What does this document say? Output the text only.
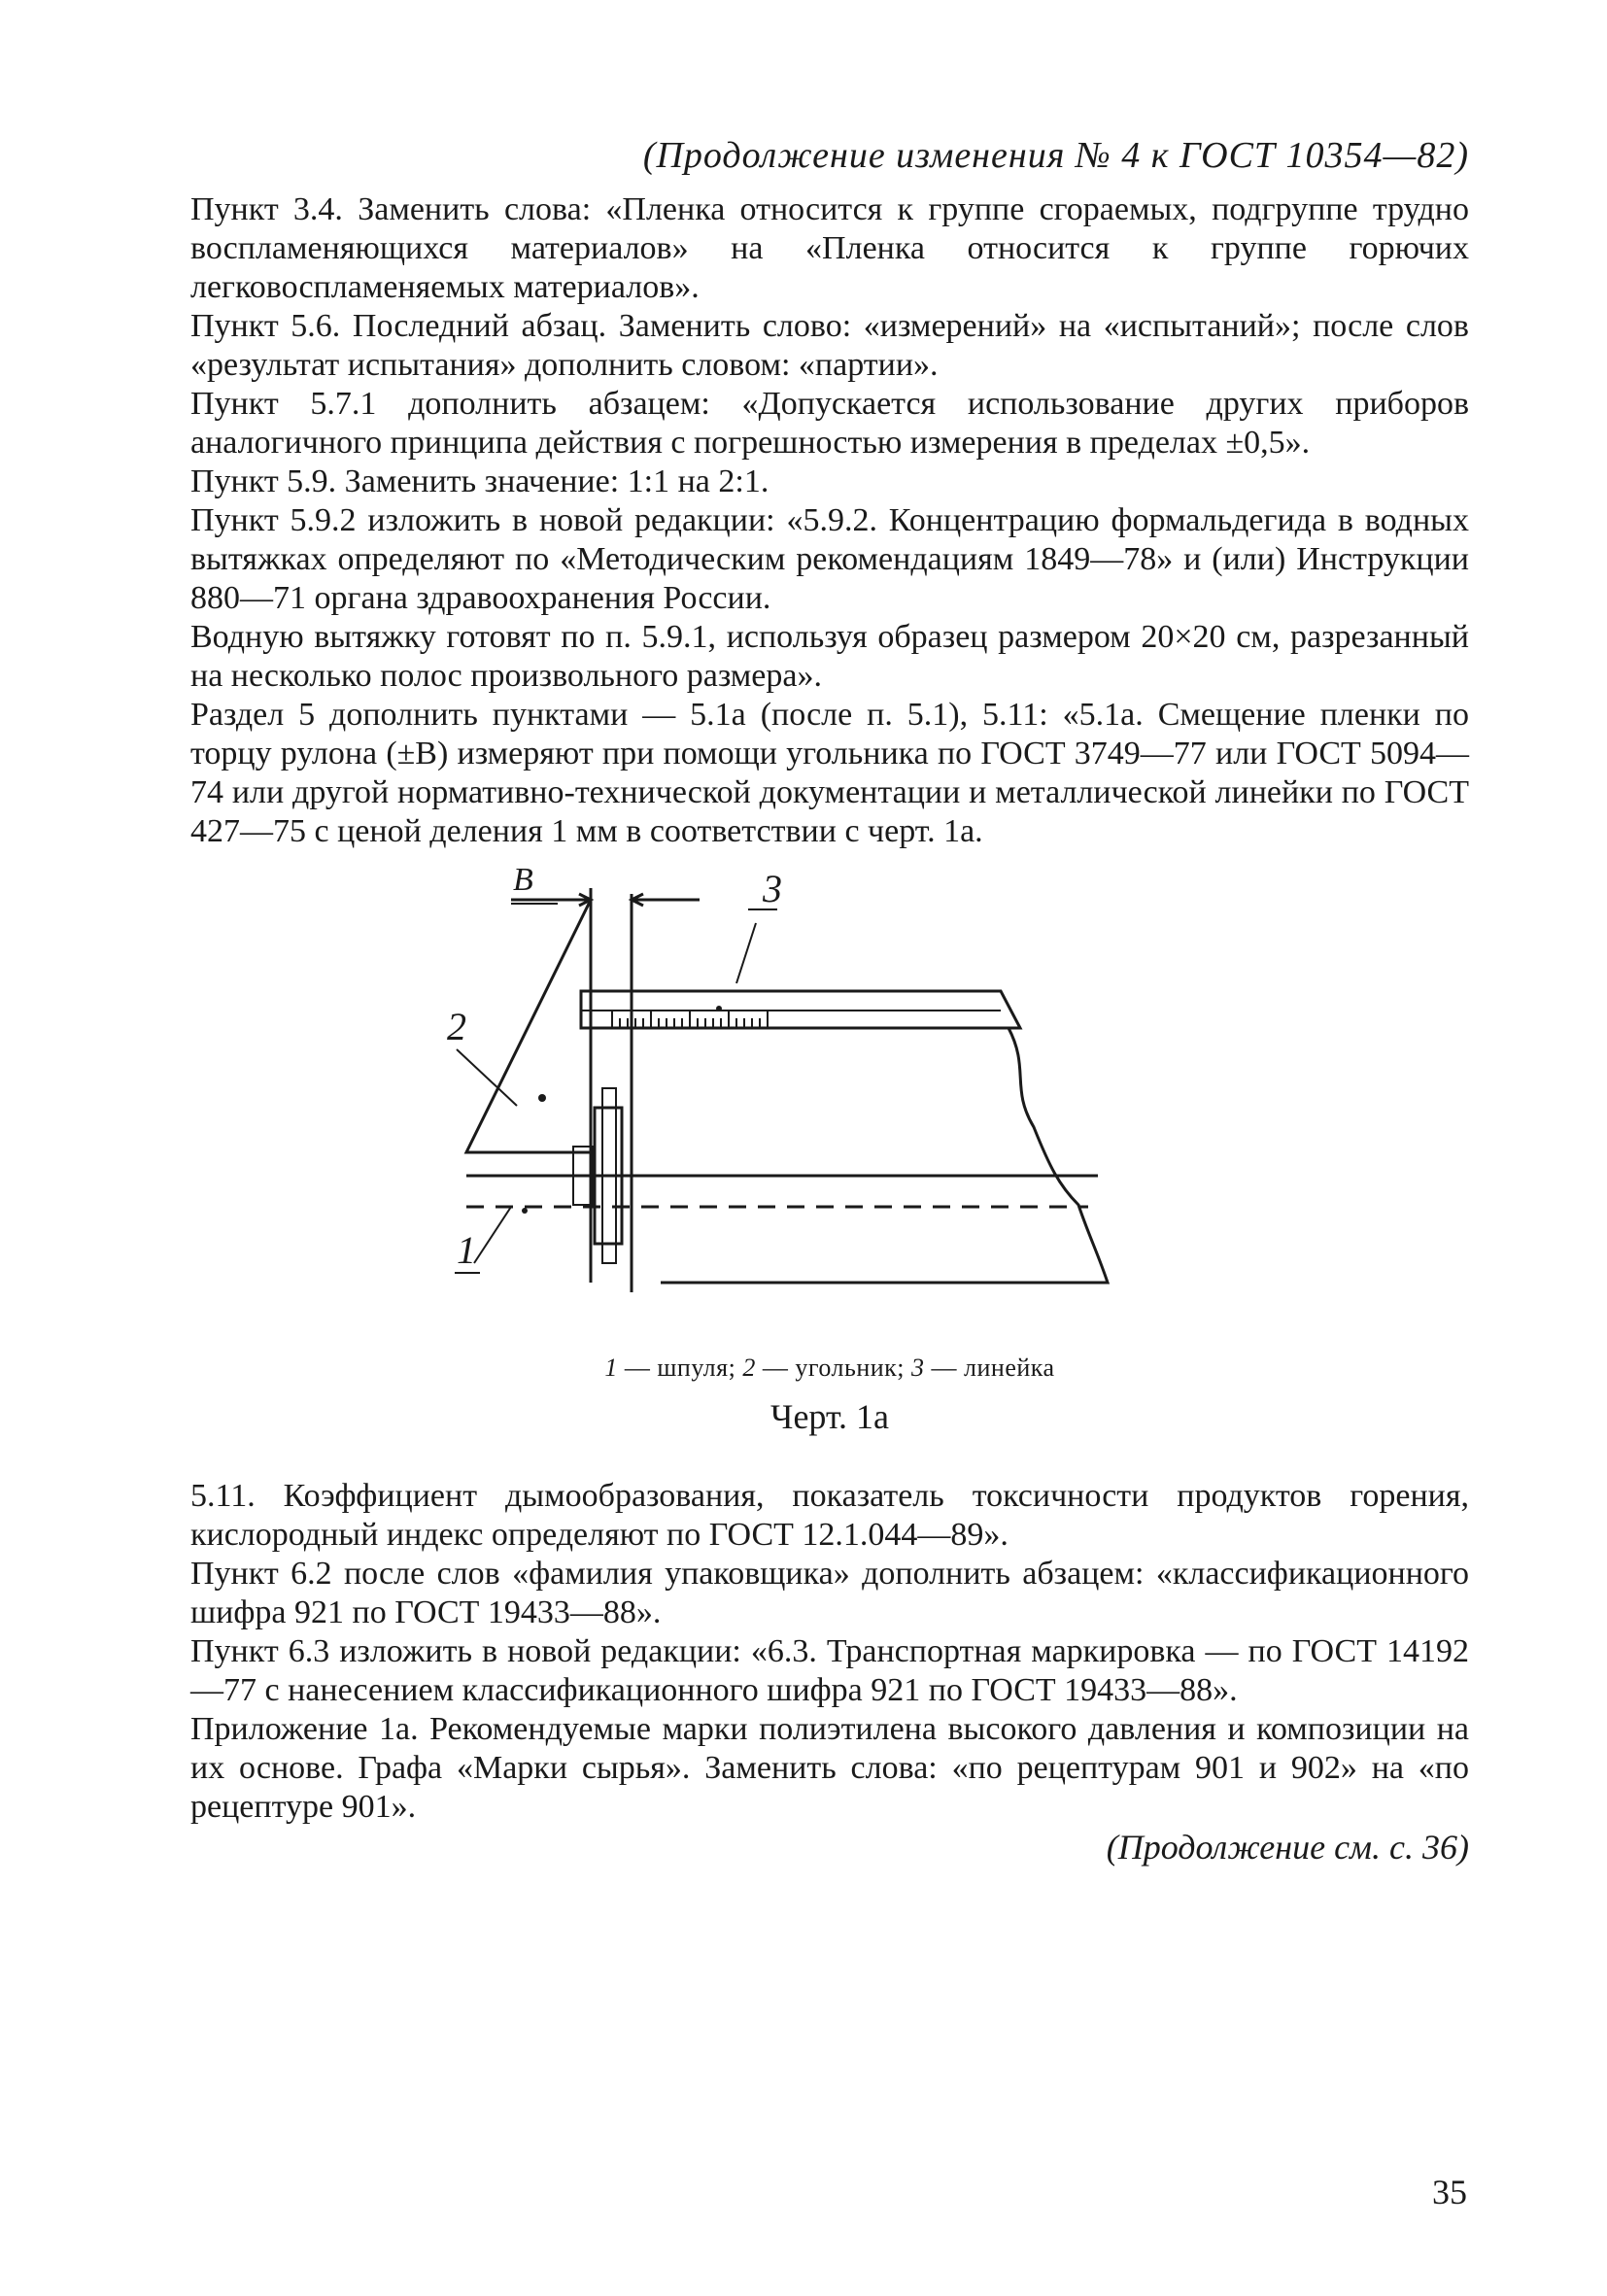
(Продолжение изменения № 4 к ГОСТ 10354—82)

Пункт 3.4. Заменить слова: «Пленка относится к группе сгораемых, подгруппе трудно воспламеняющихся материалов» на «Пленка относится к группе горючих легковоспламеняемых материалов».

Пункт 5.6. Последний абзац. Заменить слово: «измерений» на «испытаний»; после слов «результат испытания» дополнить словом: «партии».

Пункт 5.7.1 дополнить абзацем: «Допускается использование других приборов аналогичного принципа действия с погрешностью измерения в пределах ±0,5».

Пункт 5.9. Заменить значение: 1:1 на 2:1.

Пункт 5.9.2 изложить в новой редакции: «5.9.2. Концентрацию формальдегида в водных вытяжках определяют по «Методическим рекомендациям 1849—78» и (или) Инструкции 880—71 органа здравоохранения России.

Водную вытяжку готовят по п. 5.9.1, используя образец размером 20×20 см, разрезанный на несколько полос произвольного размера».

Раздел 5 дополнить пунктами — 5.1а (после п. 5.1), 5.11: «5.1а. Смещение пленки по торцу рулона (±В) измеряют при помощи угольника по ГОСТ 3749—77 или ГОСТ 5094—74 или другой нормативно-технической документации и металлической линейки по ГОСТ 427—75 с ценой деления 1 мм в соответствии с черт. 1а.

В	3
2
1
1 — шпуля; 2 — угольник; 3 — линейка
Черт. 1а

5.11. Коэффициент дымообразования, показатель токсичности продуктов горения, кислородный индекс определяют по ГОСТ 12.1.044—89».

Пункт 6.2 после слов «фамилия упаковщика» дополнить абзацем: «классификационного шифра 921 по ГОСТ 19433—88».

Пункт 6.3 изложить в новой редакции: «6.3. Транспортная маркировка — по ГОСТ 14192—77 с нанесением классификационного шифра 921 по ГОСТ 19433—88».

Приложение 1а. Рекомендуемые марки полиэтилена высокого давления и композиции на их основе. Графа «Марки сырья». Заменить слова: «по рецептурам 901 и 902» на «по рецептуре 901».

(Продолжение см. с. 36)
35
